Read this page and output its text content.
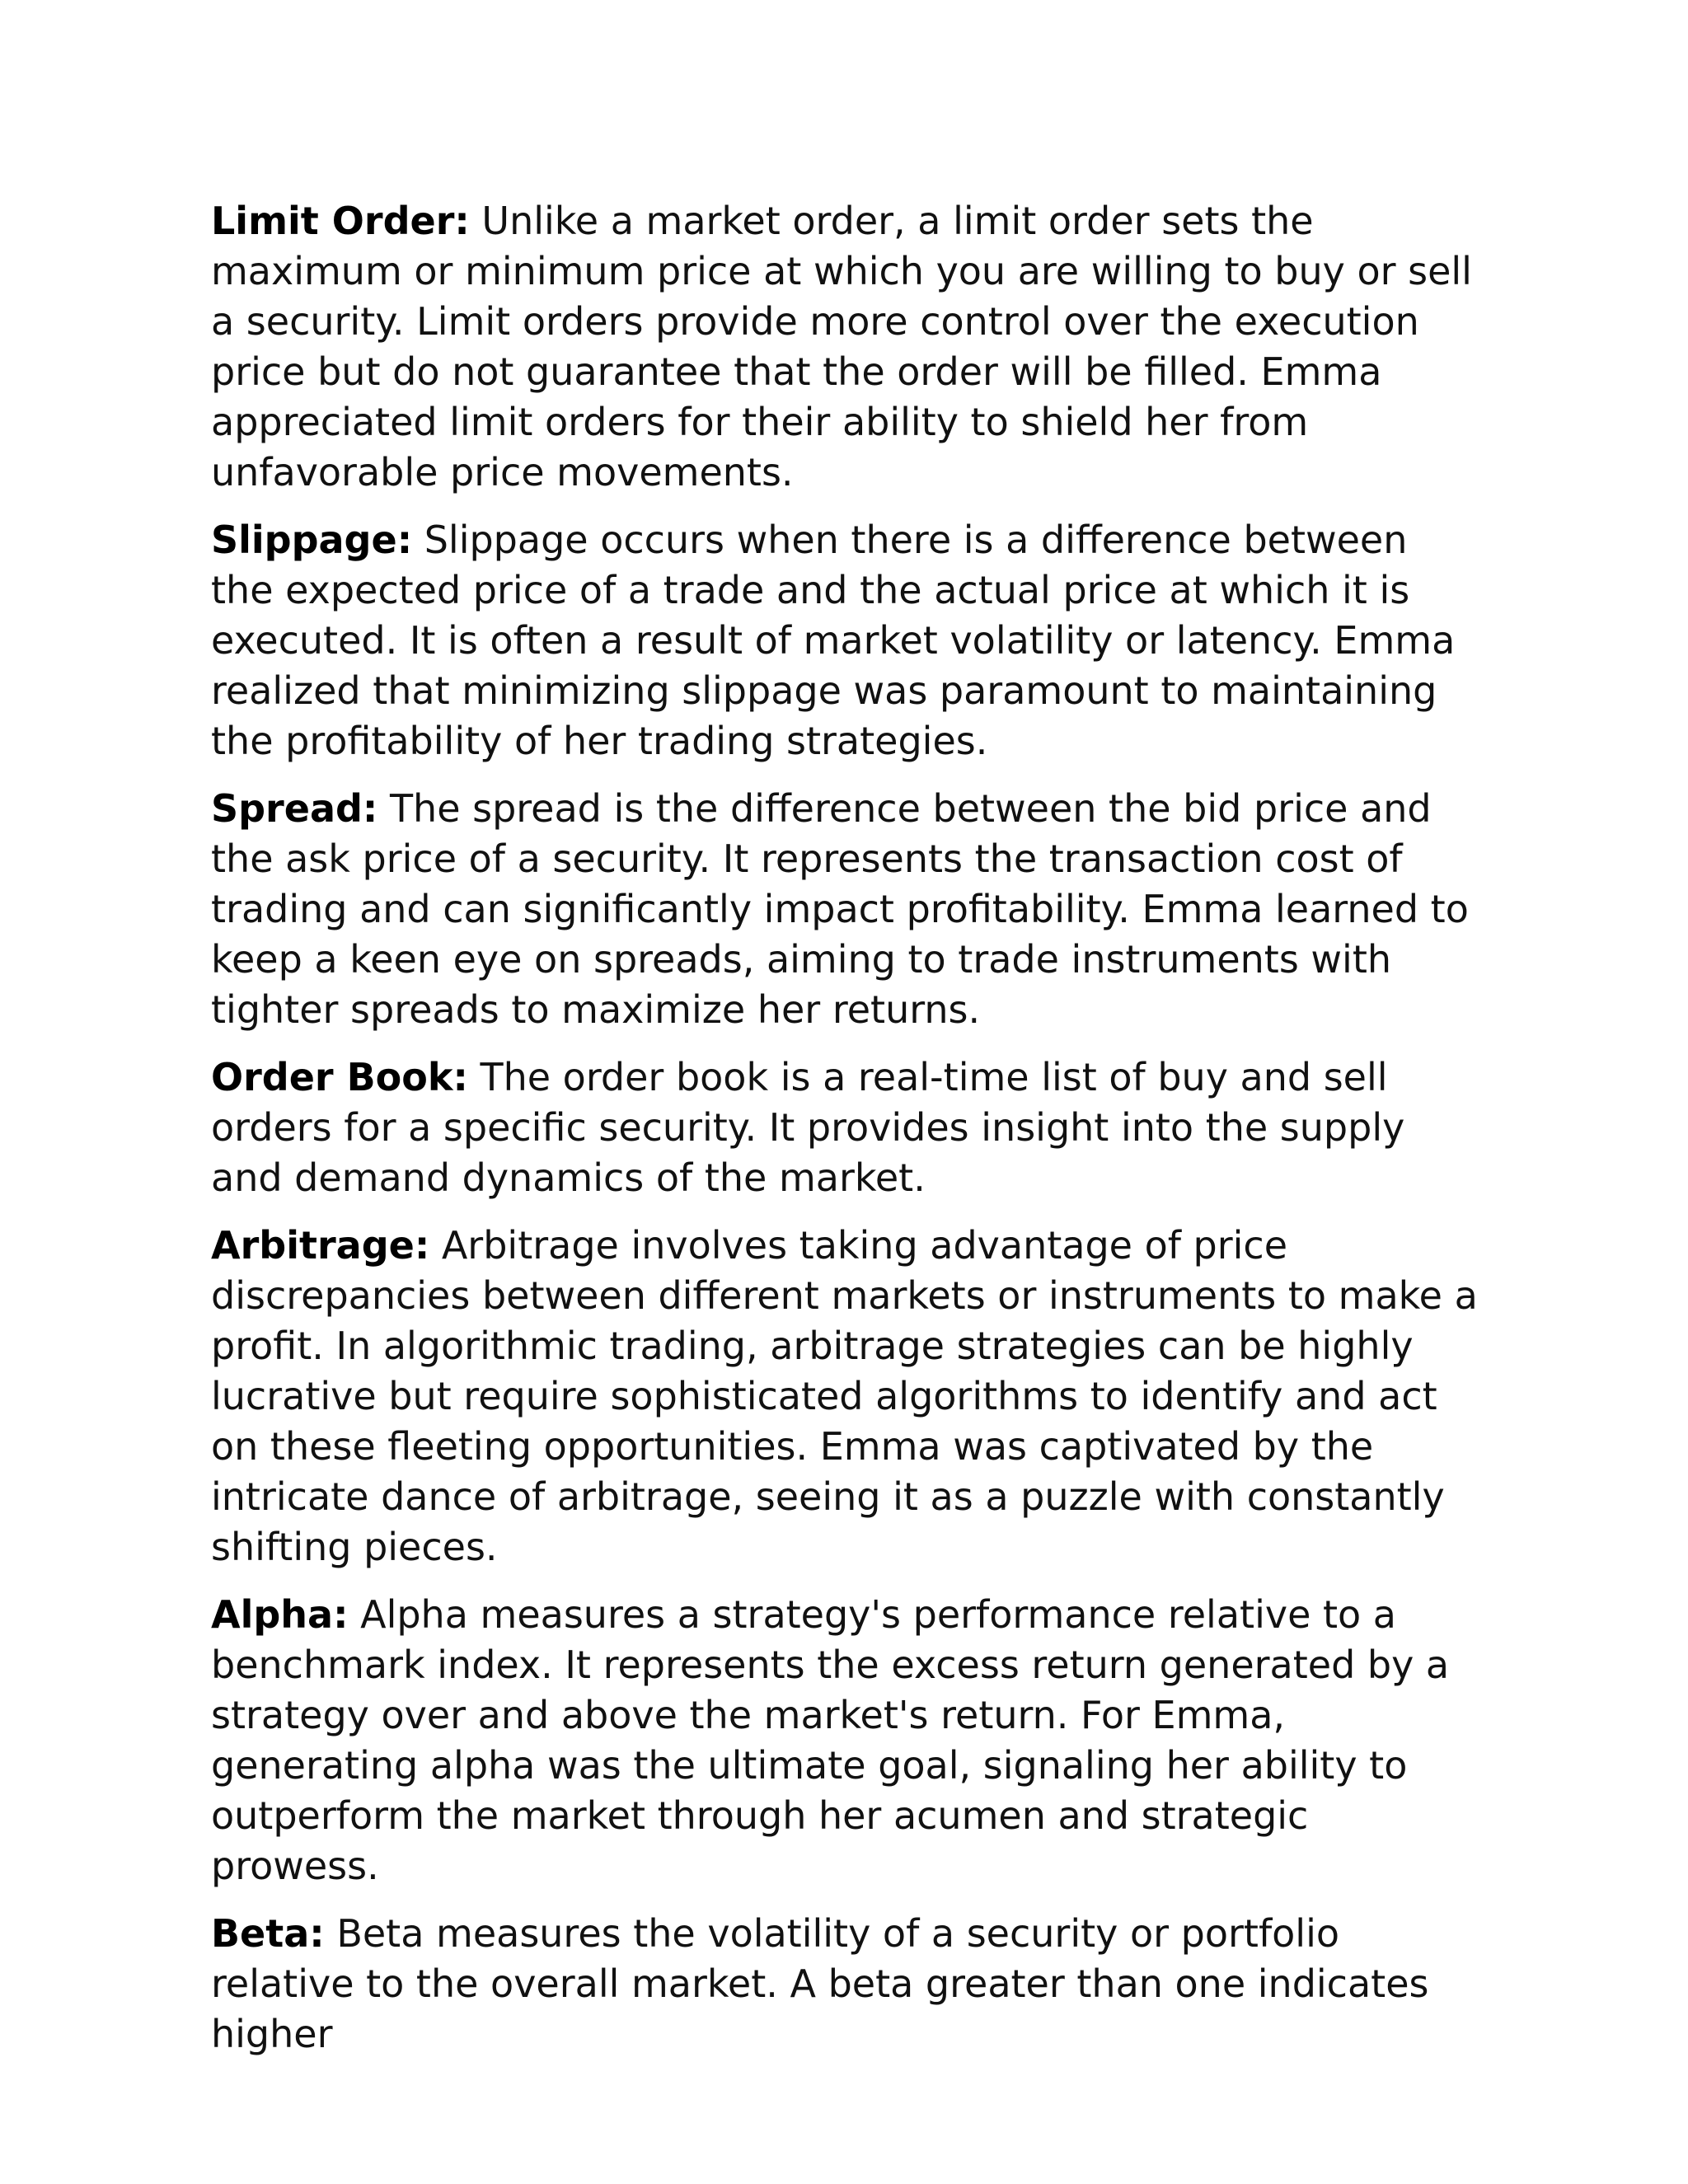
Limit Order: Unlike a market order, a limit order sets the maximum or minimum price at which you are willing to buy or sell a security. Limit orders provide more control over the execution price but do not guarantee that the order will be filled. Emma appreciated limit orders for their ability to shield her from unfavorable price movements.

Slippage: Slippage occurs when there is a difference between the expected price of a trade and the actual price at which it is executed. It is often a result of market volatility or latency. Emma realized that minimizing slippage was paramount to maintaining the profitability of her trading strategies.

Spread: The spread is the difference between the bid price and the ask price of a security. It represents the transaction cost of trading and can significantly impact profitability. Emma learned to keep a keen eye on spreads, aiming to trade instruments with tighter spreads to maximize her returns.

Order Book: The order book is a real-time list of buy and sell orders for a specific security. It provides insight into the supply and demand dynamics of the market.

Arbitrage: Arbitrage involves taking advantage of price discrepancies between different markets or instruments to make a profit. In algorithmic trading, arbitrage strategies can be highly lucrative but require sophisticated algorithms to identify and act on these fleeting opportunities. Emma was captivated by the intricate dance of arbitrage, seeing it as a puzzle with constantly shifting pieces.

Alpha: Alpha measures a strategy's performance relative to a benchmark index. It represents the excess return generated by a strategy over and above the market's return. For Emma, generating alpha was the ultimate goal, signaling her ability to outperform the market through her acumen and strategic prowess.

Beta: Beta measures the volatility of a security or portfolio relative to the overall market. A beta greater than one indicates higher
